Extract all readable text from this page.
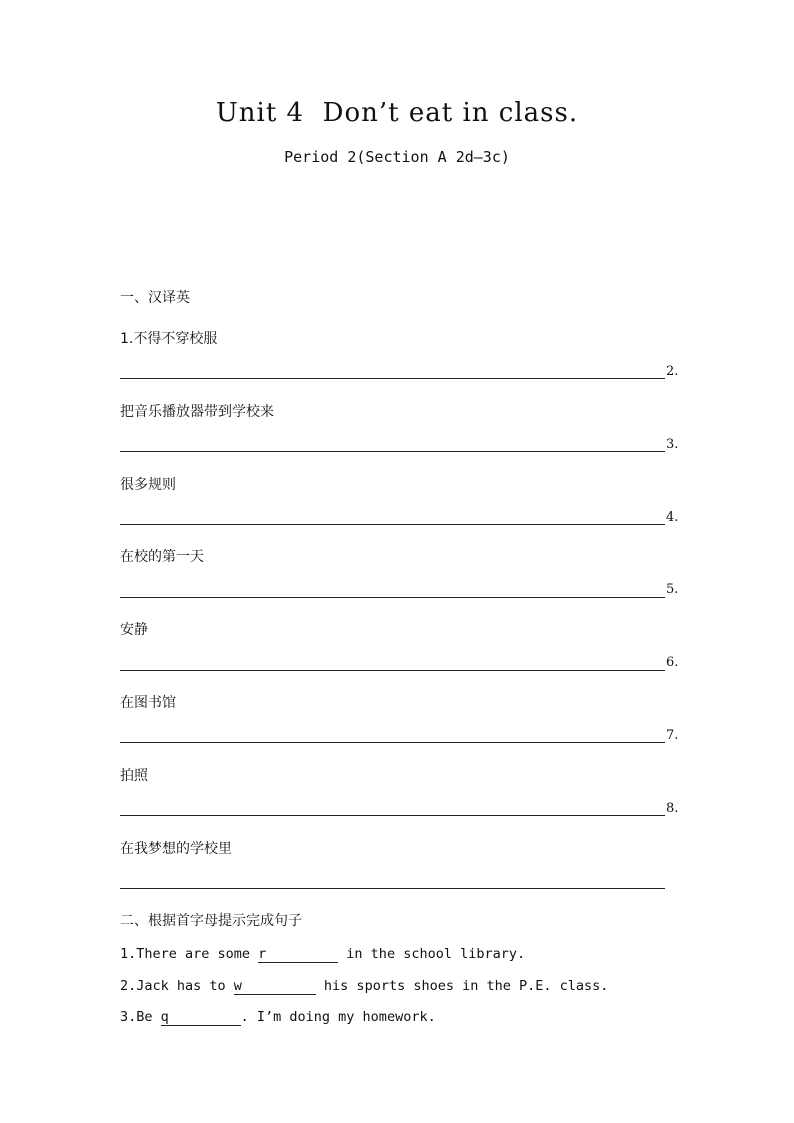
Unit 4  Don’t eat in class.
Period 2(Section A 2d—3c)
一、汉译英
1.不得不穿校服
2.
把音乐播放器带到学校来
3.
很多规则
4.
在校的第一天
5.
安静
6.
在图书馆
7.
拍照
8.
在我梦想的学校里
二、根据首字母提示完成句子
1.There are some r	in the school library.
2.Jack has to w	his sports shoes in the P.E. class.
3.Be q	. I’m doing my homework.
